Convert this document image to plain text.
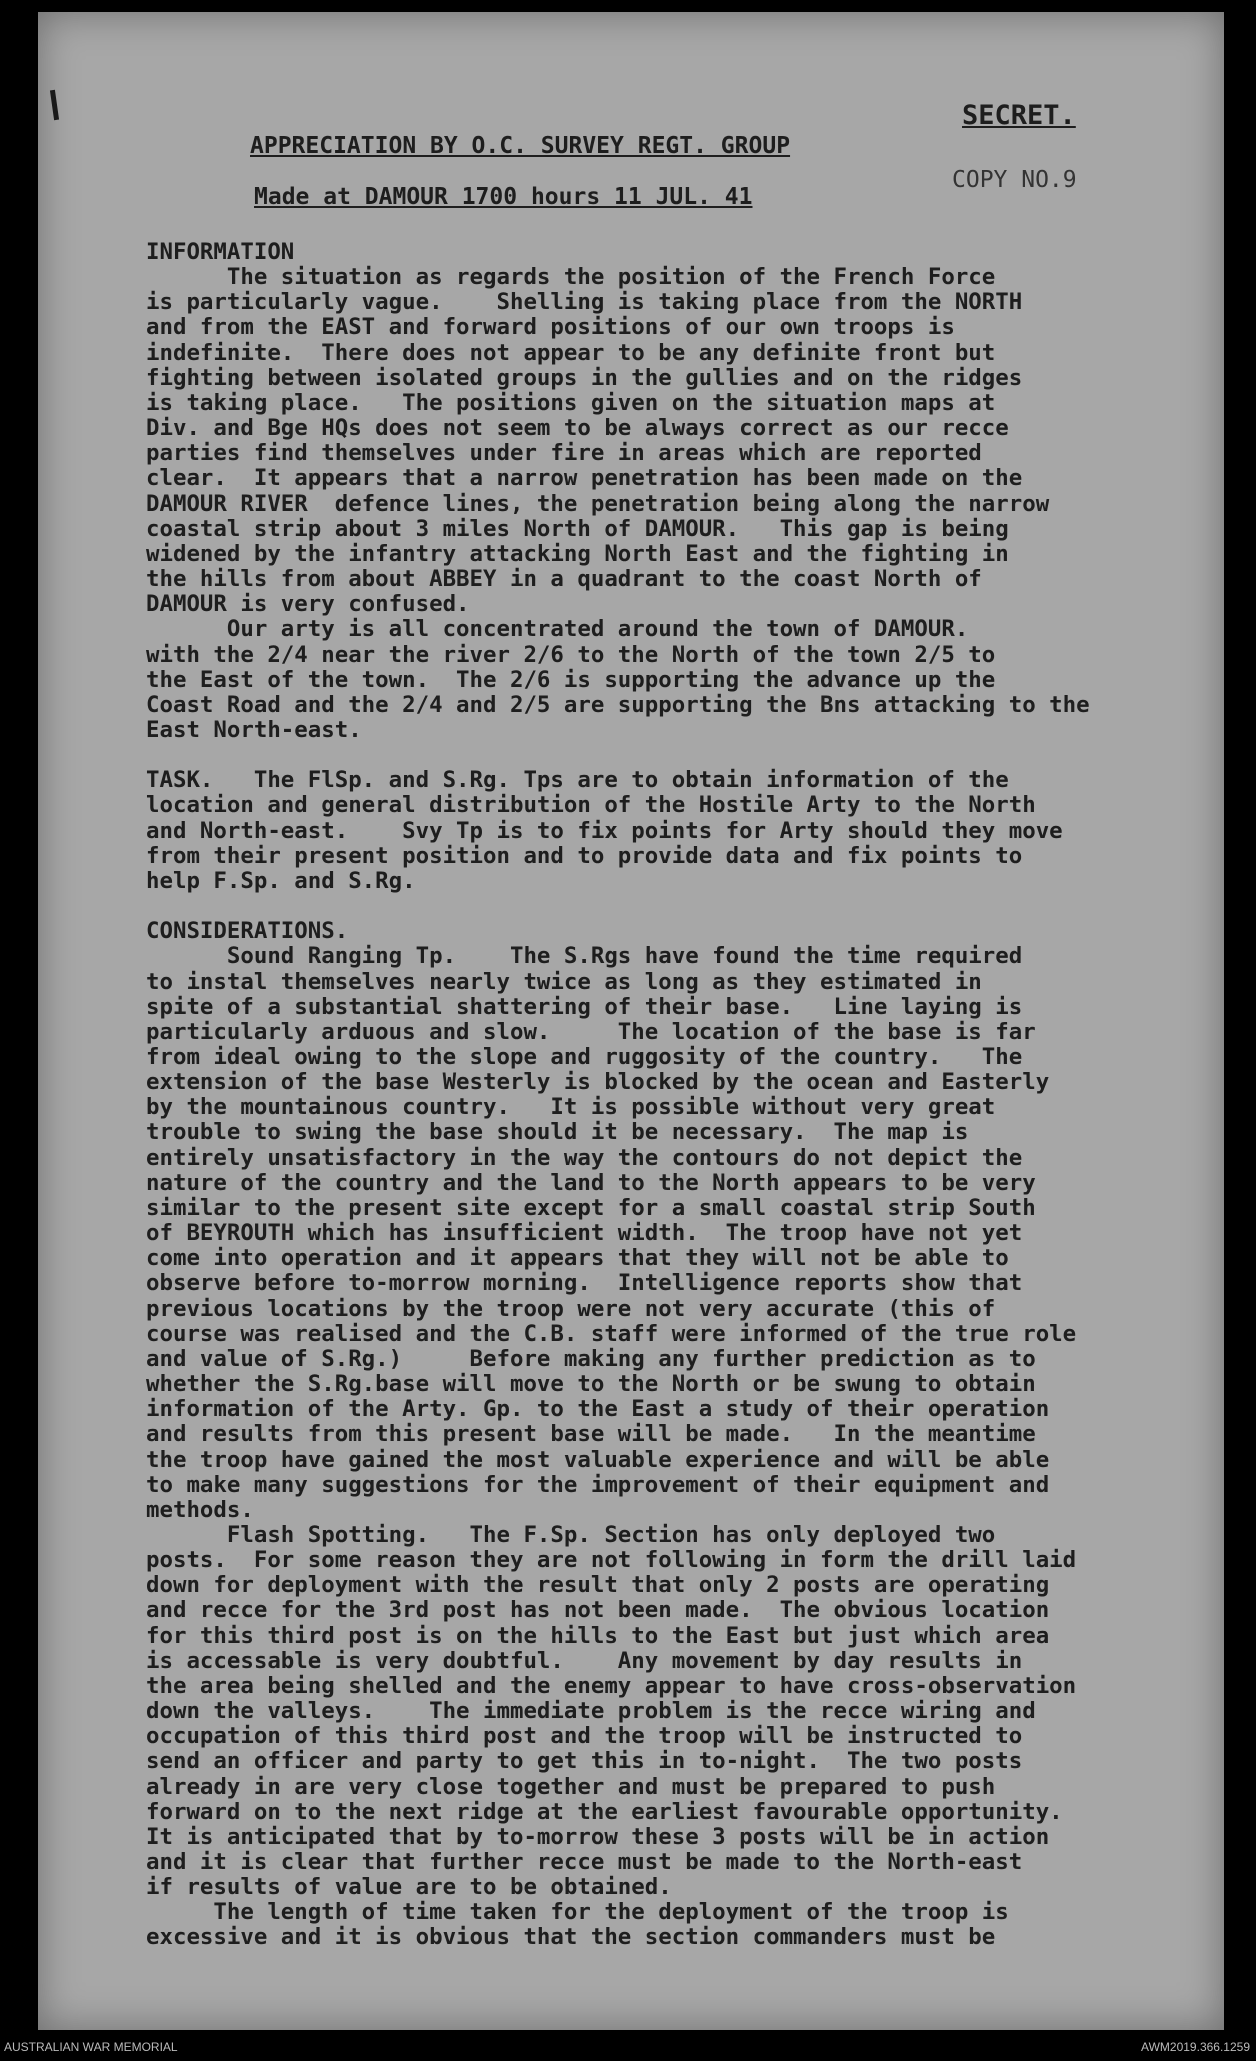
SECRET.
APPRECIATION BY O.C. SURVEY REGT. GROUP
COPY NO.9
Made at DAMOUR 1700 hours 11 JUL. 41
INFORMATION
The situation as regards the position of the French Force
is particularly vague.    Shelling is taking place from the NORTH
and from the EAST and forward positions of our own troops is
indefinite.  There does not appear to be any definite front but
fighting between isolated groups in the gullies and on the ridges
is taking place.   The positions given on the situation maps at
Div. and Bge HQs does not seem to be always correct as our recce
parties find themselves under fire in areas which are reported
clear.  It appears that a narrow penetration has been made on the
DAMOUR RIVER  defence lines, the penetration being along the narrow
coastal strip about 3 miles North of DAMOUR.   This gap is being
widened by the infantry attacking North East and the fighting in
the hills from about ABBEY in a quadrant to the coast North of
DAMOUR is very confused.
Our arty is all concentrated around the town of DAMOUR.
with the 2/4 near the river 2/6 to the North of the town 2/5 to
the East of the town.  The 2/6 is supporting the advance up the
Coast Road and the 2/4 and 2/5 are supporting the Bns attacking to the
East North-east.

TASK.   The FlSp. and S.Rg. Tps are to obtain information of the
location and general distribution of the Hostile Arty to the North
and North-east.    Svy Tp is to fix points for Arty should they move
from their present position and to provide data and fix points to
help F.Sp. and S.Rg.

CONSIDERATIONS.
Sound Ranging Tp.    The S.Rgs have found the time required
to instal themselves nearly twice as long as they estimated in
spite of a substantial shattering of their base.   Line laying is
particularly arduous and slow.     The location of the base is far
from ideal owing to the slope and ruggosity of the country.   The
extension of the base Westerly is blocked by the ocean and Easterly
by the mountainous country.   It is possible without very great
trouble to swing the base should it be necessary.  The map is
entirely unsatisfactory in the way the contours do not depict the
nature of the country and the land to the North appears to be very
similar to the present site except for a small coastal strip South
of BEYROUTH which has insufficient width.  The troop have not yet
come into operation and it appears that they will not be able to
observe before to-morrow morning.  Intelligence reports show that
previous locations by the troop were not very accurate (this of
course was realised and the C.B. staff were informed of the true role
and value of S.Rg.)     Before making any further prediction as to
whether the S.Rg.base will move to the North or be swung to obtain
information of the Arty. Gp. to the East a study of their operation
and results from this present base will be made.   In the meantime
the troop have gained the most valuable experience and will be able
to make many suggestions for the improvement of their equipment and
methods.
Flash Spotting.   The F.Sp. Section has only deployed two
posts.  For some reason they are not following in form the drill laid
down for deployment with the result that only 2 posts are operating
and recce for the 3rd post has not been made.  The obvious location
for this third post is on the hills to the East but just which area
is accessable is very doubtful.    Any movement by day results in
the area being shelled and the enemy appear to have cross-observation
down the valleys.    The immediate problem is the recce wiring and
occupation of this third post and the troop will be instructed to
send an officer and party to get this in to-night.  The two posts
already in are very close together and must be prepared to push
forward on to the next ridge at the earliest favourable opportunity.
It is anticipated that by to-morrow these 3 posts will be in action
and it is clear that further recce must be made to the North-east
if results of value are to be obtained.
The length of time taken for the deployment of the troop is
excessive and it is obvious that the section commanders must be
AUSTRALIAN WAR MEMORIAL	AWM2019.366.1259
